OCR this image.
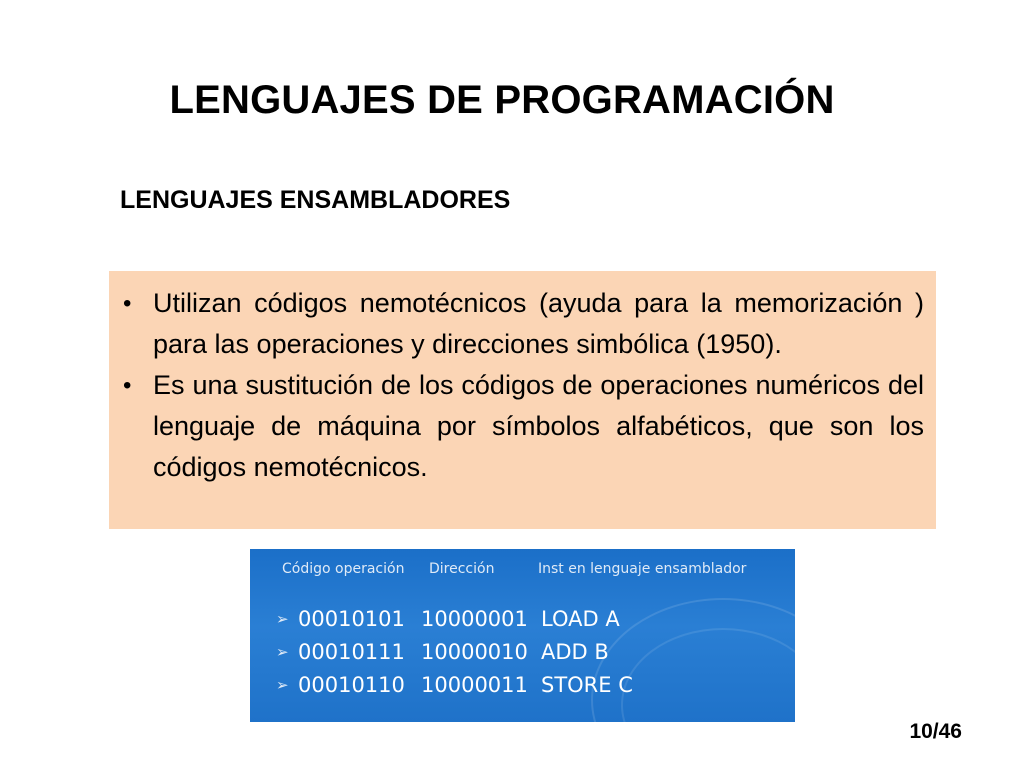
LENGUAJES DE PROGRAMACIÓN
LENGUAJES ENSAMBLADORES
• Utilizan códigos nemotécnicos (ayuda para la memorización ) para las operaciones y direcciones simbólica (1950).
• Es una sustitución de los códigos de operaciones numéricos del lenguaje de máquina por símbolos alfabéticos, que son los códigos nemotécnicos.
Código operación Dirección	Inst en lenguaje ensamblador
➢ 00010101 10000001 LOAD A
➢ 00010111 10000010 ADD B
➢ 00010110 10000011 STORE C
10/46
